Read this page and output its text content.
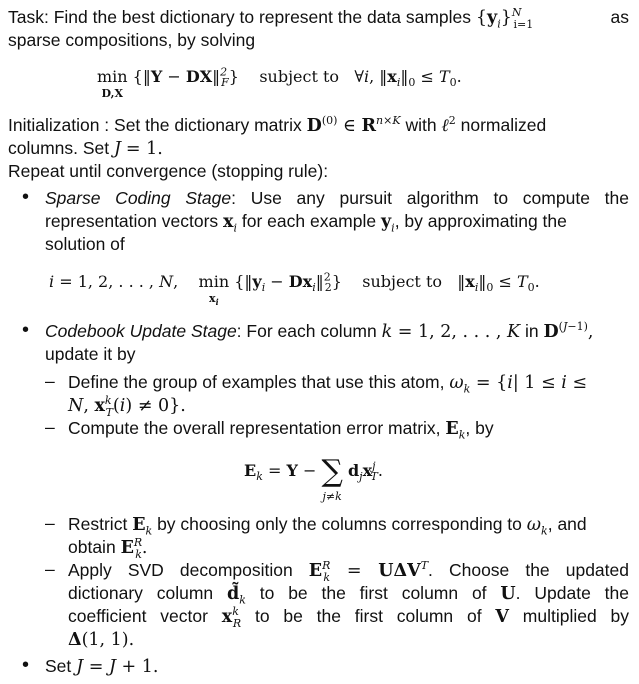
Task: Find the best dictionary to represent the data samples $\{y_i\}^N_{i=1}$	as
sparse compositions, by solving
min
D,X
{‖Y − DX‖$^2_F$}    subject to   ∀i, $‖x_i‖_0 \le T_0$.
Initialization : Set the dictionary matrix $D^{(0)}$ ∈ $R^{n\times K}$ with ℓ$^2$ normalized
columns. Set J = 1.
Repeat until convergence (stopping rule):
• Sparse Coding Stage: Use any pursuit algorithm to compute the
representation vectors $x_i$ for each example $y_i$, by approximating the
solution of
i = 1, 2, . . . , N,    min
$x_i$
{$‖y_i$ − $Dx_i‖^2_2$}    subject to   $‖x_i‖_0 \le T_0$.
• Codebook Update Stage: For each column k = 1, 2, . . . , K in $D^{(J-1)}$,
update it by
– Define the group of examples that use this atom, $\omega_k = \{i|$ 1 ≤ i ≤
N, $x^k_T(i) \ne 0$}.
– Compute the overall representation error matrix, $E_k$, by
$E_k = Y$ − ∑
j≠k
$d_jx^j_T$.
– Restrict $E_k$ by choosing only the columns corresponding to $\omega_k$, and
obtain $E^R_k$.
– Apply SVD decomposition $E^R_k = U\Delta V^T$. Choose the updated
dictionary column $d̃_k$ to be the first column of U. Update the
coefficient vector $x^k_R$ to be the first column of V multiplied by
Δ(1, 1).
• Set J = J + 1.
